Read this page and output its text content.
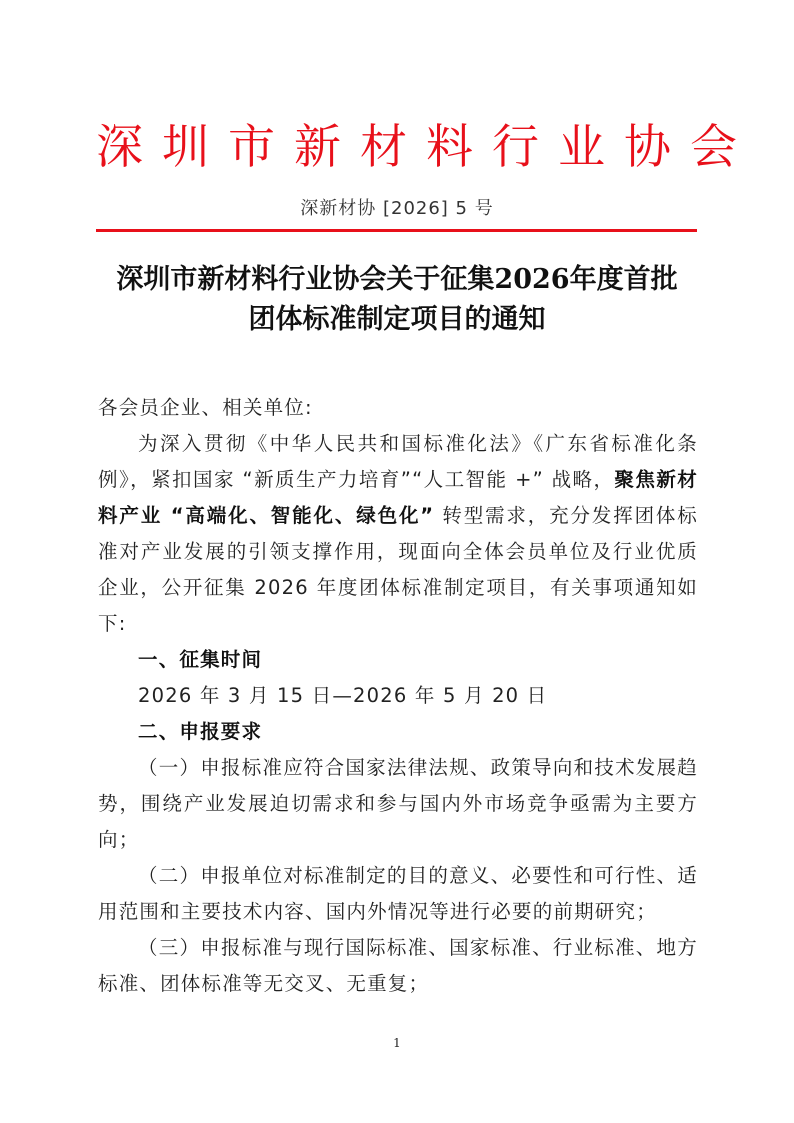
深圳市新材料行业协会
深新材协 [2026] 5 号
深圳市新材料行业协会关于征集2026年度首批
团体标准制定项目的通知

各会员企业、相关单位:

为深入贯彻《中华人民共和国标准化法》《广东省标准化条例》，紧扣国家 “新质生产力培育”“人工智能 +” 战略，聚焦新材料产业 “高端化、智能化、绿色化” 转型需求，充分发挥团体标准对产业发展的引领支撑作用，现面向全体会员单位及行业优质企业，公开征集 2026 年度团体标准制定项目，有关事项通知如下:

一、征集时间

2026 年 3 月 15 日—2026 年 5 月 20 日

二、申报要求

（一）申报标准应符合国家法律法规、政策导向和技术发展趋势，围绕产业发展迫切需求和参与国内外市场竞争亟需为主要方向；

（二）申报单位对标准制定的目的意义、必要性和可行性、适用范围和主要技术内容、国内外情况等进行必要的前期研究；

（三）申报标准与现行国际标准、国家标准、行业标准、地方标准、团体标准等无交叉、无重复；

1
